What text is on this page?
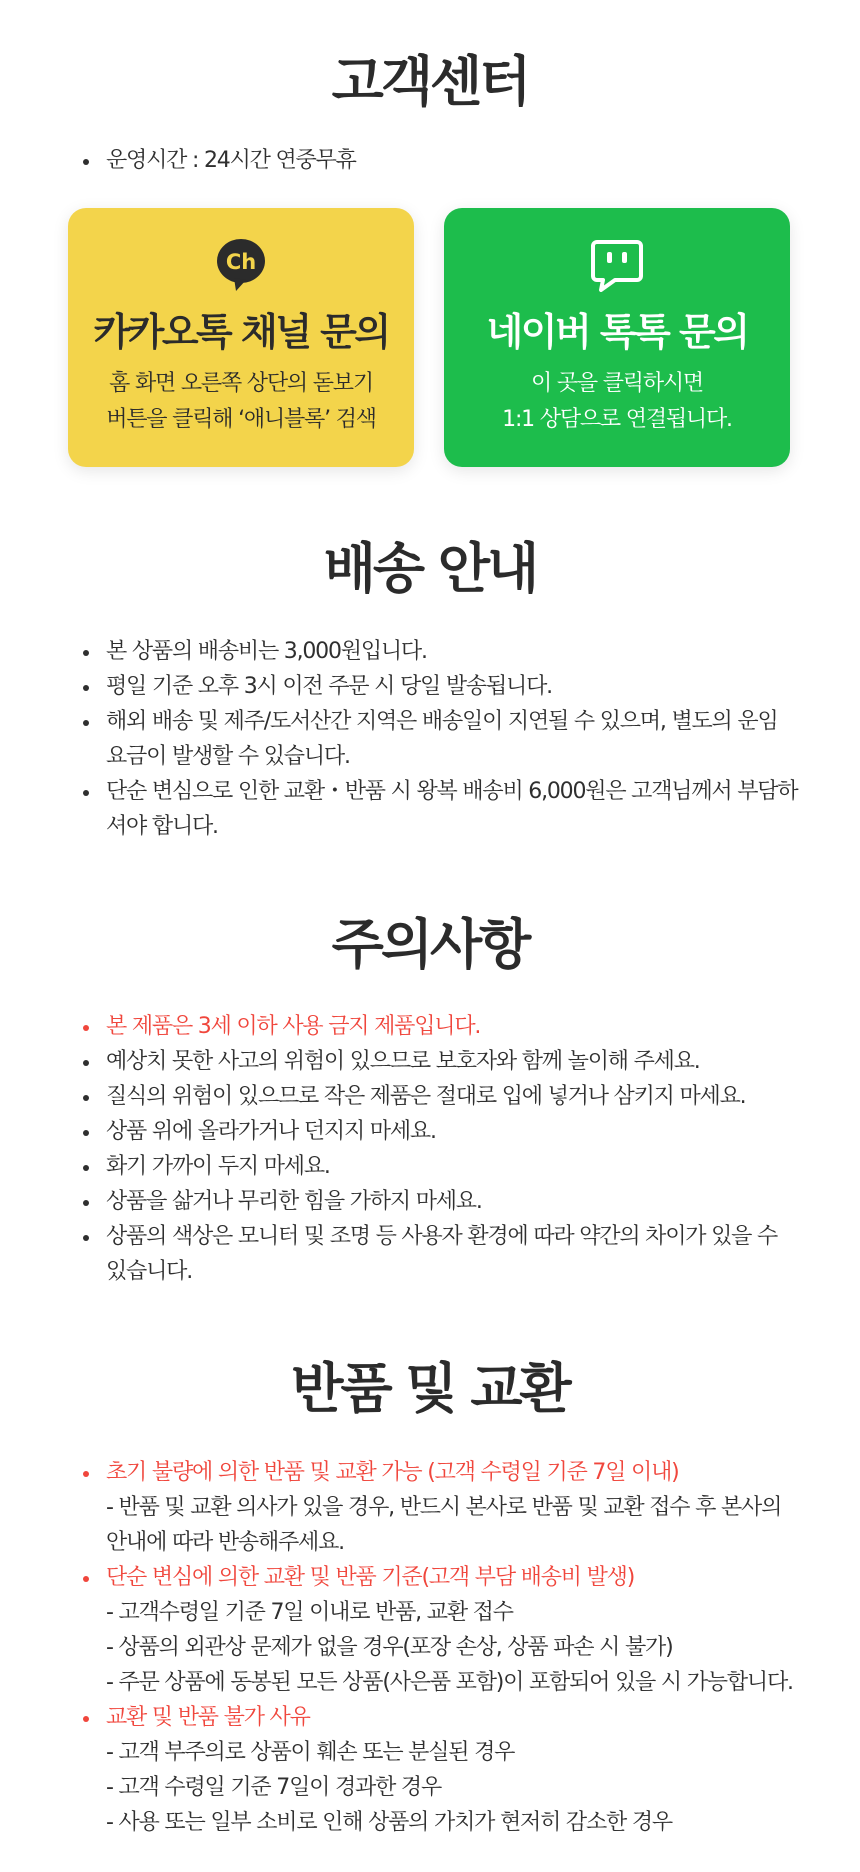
고객센터
운영시간 : 24시간 연중무휴
Ch
카카오톡 채널 문의
홈 화면 오른쪽 상단의 돋보기
버튼을 클릭해 ‘애니블록’ 검색
네이버 톡톡 문의
이 곳을 클릭하시면
1:1 상담으로 연결됩니다.
배송 안내
본 상품의 배송비는 3,000원입니다.
평일 기준 오후 3시 이전 주문 시 당일 발송됩니다.
해외 배송 및 제주/도서산간 지역은 배송일이 지연될 수 있으며, 별도의 운임 요금이 발생할 수 있습니다.
단순 변심으로 인한 교환・반품 시 왕복 배송비 6,000원은 고객님께서 부담하셔야 합니다.
주의사항
본 제품은 3세 이하 사용 금지 제품입니다.
예상치 못한 사고의 위험이 있으므로 보호자와 함께 놀이해 주세요.
질식의 위험이 있으므로 작은 제품은 절대로 입에 넣거나 삼키지 마세요.
상품 위에 올라가거나 던지지 마세요.
화기 가까이 두지 마세요.
상품을 삶거나 무리한 힘을 가하지 마세요.
상품의 색상은 모니터 및 조명 등 사용자 환경에 따라 약간의 차이가 있을 수 있습니다.
반품 및 교환
초기 불량에 의한 반품 및 교환 가능 (고객 수령일 기준 7일 이내)
- 반품 및 교환 의사가 있을 경우, 반드시 본사로 반품 및 교환 접수 후 본사의 안내에 따라 반송해주세요.
단순 변심에 의한 교환 및 반품 기준(고객 부담 배송비 발생)
- 고객수령일 기준 7일 이내로 반품, 교환 접수
- 상품의 외관상 문제가 없을 경우(포장 손상, 상품 파손 시 불가)
- 주문 상품에 동봉된 모든 상품(사은품 포함)이 포함되어 있을 시 가능합니다.
교환 및 반품 불가 사유
- 고객 부주의로 상품이 훼손 또는 분실된 경우
- 고객 수령일 기준 7일이 경과한 경우
- 사용 또는 일부 소비로 인해 상품의 가치가 현저히 감소한 경우
